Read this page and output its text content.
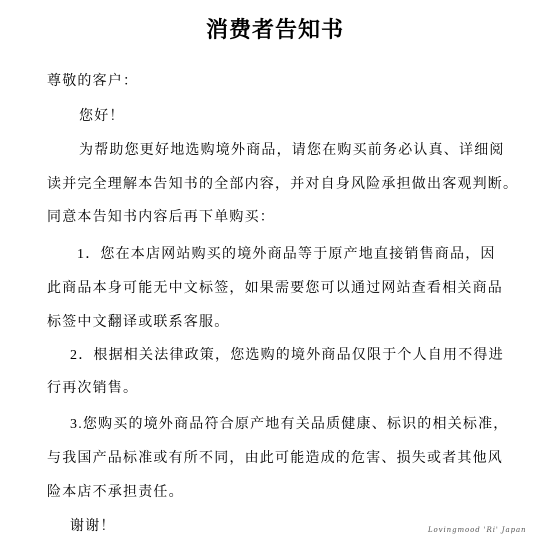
消费者告知书
尊敬的客户：
您好！
为帮助您更好地选购境外商品，请您在购买前务必认真、详细阅
读并完全理解本告知书的全部内容，并对自身风险承担做出客观判断。
同意本告知书内容后再下单购买：
1．您在本店网站购买的境外商品等于原产地直接销售商品，因
此商品本身可能无中文标签，如果需要您可以通过网站查看相关商品
标签中文翻译或联系客服。
2．根据相关法律政策，您选购的境外商品仅限于个人自用不得进
行再次销售。
3.您购买的境外商品符合原产地有关品质健康、标识的相关标准，
与我国产品标准或有所不同，由此可能造成的危害、损失或者其他风
险本店不承担责任。
谢谢！	Lovingmood 'Ri' Japan
